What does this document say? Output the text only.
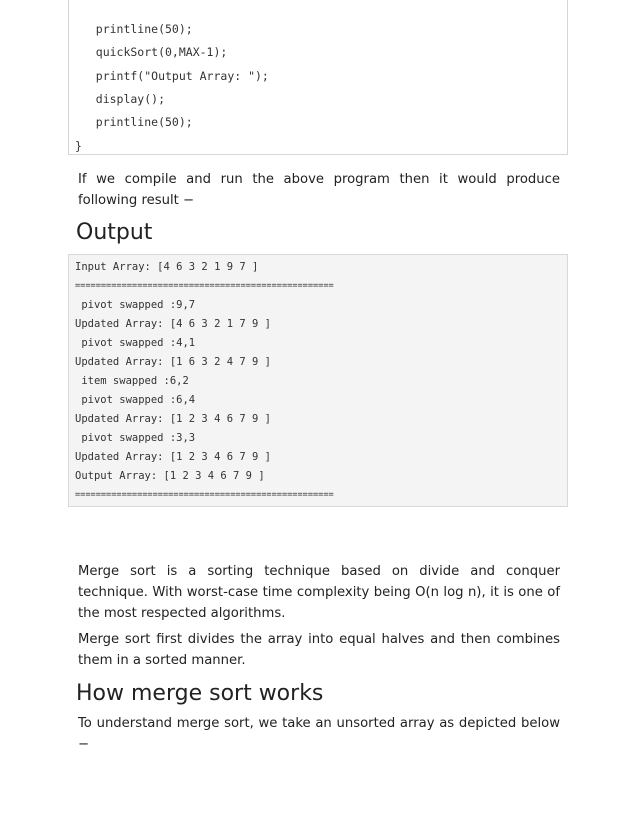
printline(50);
quickSort(0,MAX-1);
printf("Output Array: ");
display();
printline(50);
}

If we compile and run the above program then it would produce following result −

Output
Input Array: [4 6 3 2 1 9 7 ]
==================================================
pivot swapped :9,7
Updated Array: [4 6 3 2 1 7 9 ]
pivot swapped :4,1
Updated Array: [1 6 3 2 4 7 9 ]
item swapped :6,2
pivot swapped :6,4
Updated Array: [1 2 3 4 6 7 9 ]
pivot swapped :3,3
Updated Array: [1 2 3 4 6 7 9 ]
Output Array: [1 2 3 4 6 7 9 ]
==================================================

Merge sort is a sorting technique based on divide and conquer technique. With worst-case time complexity being Ο(n log n), it is one of the most respected algorithms.

Merge sort first divides the array into equal halves and then combines them in a sorted manner.

How merge sort works

To understand merge sort, we take an unsorted array as depicted below −
